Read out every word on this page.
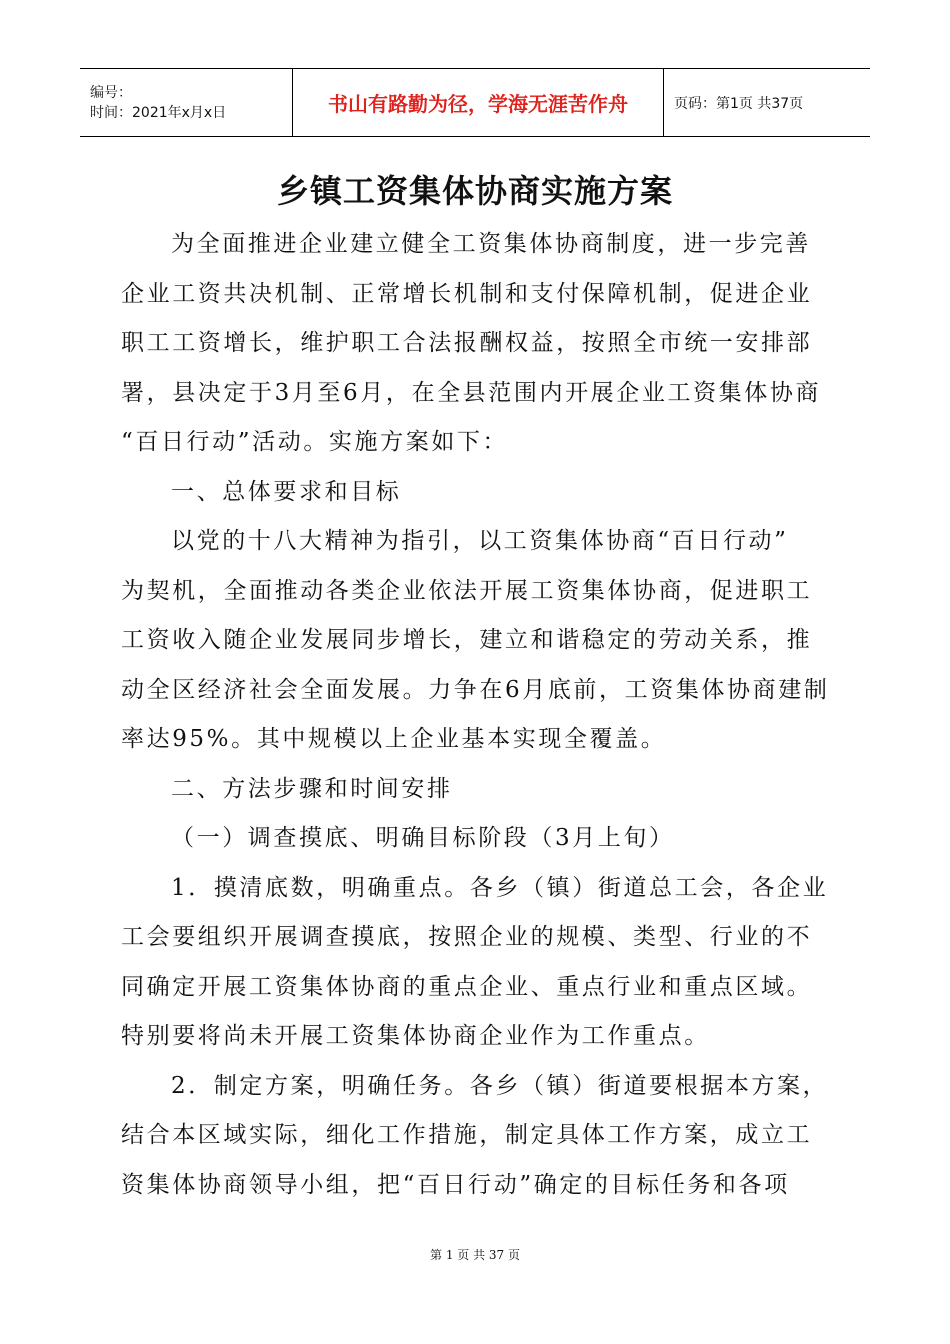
编号：
时间：2021年x月x日	书山有路勤为径，学海无涯苦作舟	页码：第1页 共37页
乡镇工资集体协商实施方案

为全面推进企业建立健全工资集体协商制度，进一步完善

企业工资共决机制、正常增长机制和支付保障机制，促进企业

职工工资增长，维护职工合法报酬权益，按照全市统一安排部

署，县决定于3月至6月，在全县范围内开展企业工资集体协商

“百日行动”活动。实施方案如下：

一、总体要求和目标

以党的十八大精神为指引，以工资集体协商“百日行动”

为契机，全面推动各类企业依法开展工资集体协商，促进职工

工资收入随企业发展同步增长，建立和谐稳定的劳动关系，推

动全区经济社会全面发展。力争在6月底前，工资集体协商建制

率达95%。其中规模以上企业基本实现全覆盖。

二、方法步骤和时间安排

（一）调查摸底、明确目标阶段（3月上旬）

1．摸清底数，明确重点。各乡（镇）街道总工会，各企业

工会要组织开展调查摸底，按照企业的规模、类型、行业的不

同确定开展工资集体协商的重点企业、重点行业和重点区域。

特别要将尚未开展工资集体协商企业作为工作重点。

2．制定方案，明确任务。各乡（镇）街道要根据本方案，

结合本区域实际，细化工作措施，制定具体工作方案，成立工

资集体协商领导小组，把“百日行动”确定的目标任务和各项

第 1 页 共 37 页
